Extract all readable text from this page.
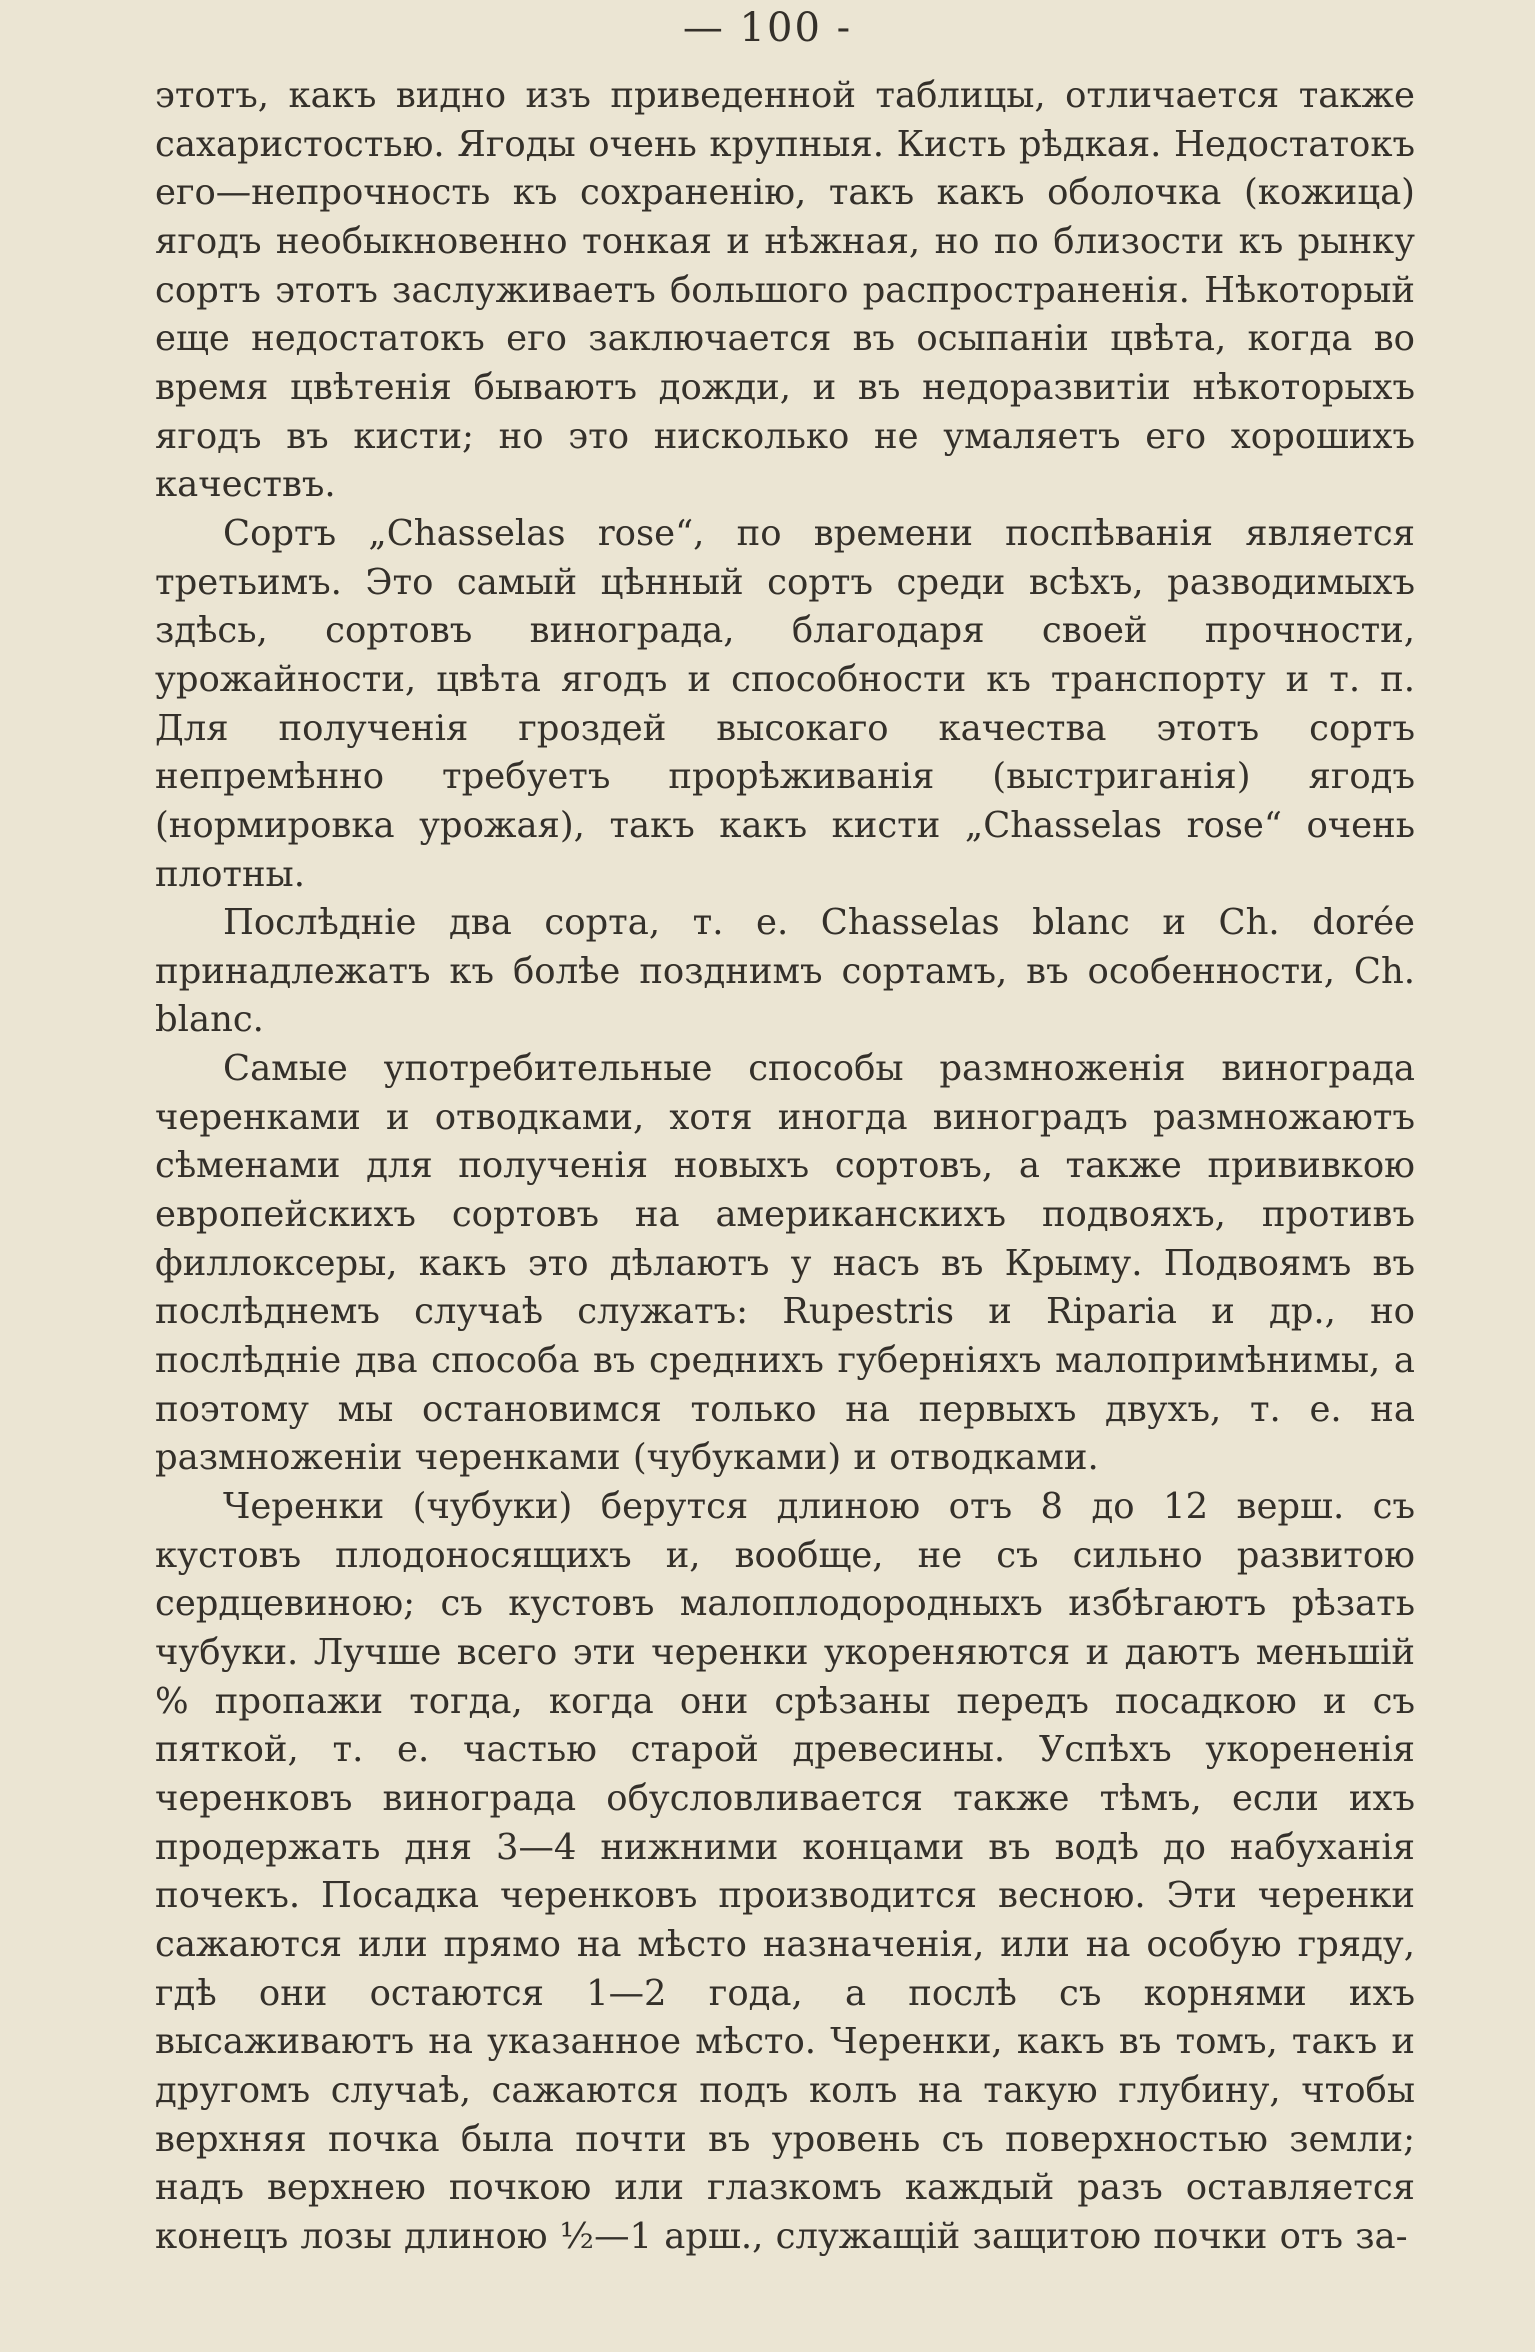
— 100 -

этотъ, какъ видно изъ приведенной таблицы, отличается также сахаристостью. Ягоды очень крупныя. Кисть рѣдкая. Недостатокъ его—непрочность къ сохраненію, такъ какъ оболочка (кожица) ягодъ необыкновенно тонкая и нѣжная, но по близости къ рынку сортъ этотъ заслуживаетъ большого распространенія. Нѣкоторый еще недостатокъ его заключается въ осыпаніи цвѣта, когда во время цвѣтенія бываютъ дожди, и въ недоразвитіи нѣкоторыхъ ягодъ въ кисти; но это нисколько не умаляетъ его хорошихъ качествъ.

Сортъ „Chasselas rose“, по времени поспѣванія является третьимъ. Это самый цѣнный сортъ среди всѣхъ, разводимыхъ здѣсь, сортовъ винограда, благодаря своей прочности, урожайности, цвѣта ягодъ и способности къ транспорту и т. п. Для полученія гроздей высокаго качества этотъ сортъ непремѣнно требуетъ прорѣживанія (выстриганія) ягодъ (нормировка урожая), такъ какъ кисти „Chasselas rose“ очень плотны.

Послѣдніе два сорта, т. е. Chasselas blanc и Ch. dorée принадлежатъ къ болѣе позднимъ сортамъ, въ особенности, Ch. blanc.

Самые употребительные способы размноженія винограда черенками и отводками, хотя иногда виноградъ размножаютъ сѣменами для полученія новыхъ сортовъ, а также прививкою европейскихъ сортовъ на американскихъ подвояхъ, противъ филлоксеры, какъ это дѣлаютъ у насъ въ Крыму. Подвоямъ въ послѣднемъ случаѣ служатъ: Rupestris и Riparia и др., но послѣдніе два способа въ среднихъ губерніяхъ малопримѣнимы, а поэтому мы остановимся только на первыхъ двухъ, т. е. на размноженіи черенками (чубуками) и отводками.

Черенки (чубуки) берутся длиною отъ 8 до 12 верш. съ кустовъ плодоносящихъ и, вообще, не съ сильно развитою сердцевиною; съ кустовъ малоплодородныхъ избѣгаютъ рѣзать чубуки. Лучше всего эти черенки укореняются и даютъ меньшій % пропажи тогда, когда они срѣзаны передъ посадкою и съ пяткой, т. е. частью старой древесины. Успѣхъ укорененія черенковъ винограда обусловливается также тѣмъ, если ихъ продержать дня 3—4 нижними концами въ водѣ до набуханія почекъ. Посадка черенковъ производится весною. Эти черенки сажаются или прямо на мѣсто назначенія, или на особую гряду, гдѣ они остаются 1—2 года, а послѣ съ корнями ихъ высаживаютъ на указанное мѣсто. Черенки, какъ въ томъ, такъ и другомъ случаѣ, сажаются подъ колъ на такую глубину, чтобы верхняя почка была почти въ уровень съ поверхностью земли; надъ верхнею почкою или глазкомъ каждый разъ оставляется конецъ лозы длиною ½—1 арш., служащій защитою почки отъ за-
